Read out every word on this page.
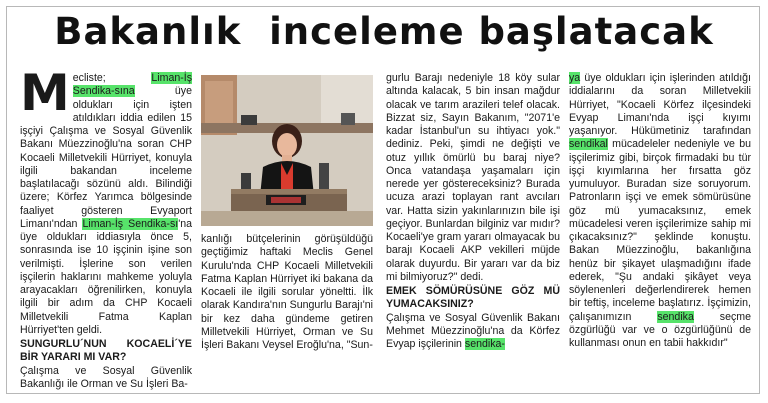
Bakanlık  inceleme başlatacak

Mecliste; Liman-İş Sendika-sına üye oldukları için işten atıldıkları iddia edilen 15 işçiyi Çalışma ve Sosyal Güvenlik Bakanı Müezzinoğlu'na soran CHP Kocaeli Milletvekili Hürriyet, konuyla ilgili bakandan inceleme başlatılacağı sözünü aldı. Bilindiği üzere; Körfez Yarımca bölgesinde faaliyet gösteren Evyaport Limanı'ndan Liman-İş Sendika-sı'na üye oldukları iddiasıyla önce 5, sonrasında ise 10 işçinin işine son verilmişti. İşlerine son verilen işçilerin haklarını mahkeme yoluyla arayacakları öğrenilirken, konuyla ilgili bir adım da CHP Kocaeli Milletvekili Fatma Kaplan Hürriyet'ten geldi.
SUNGURLU´NUN KOCAELİ´YE BİR YARARI MI VAR?
Çalışma ve Sosyal Güvenlik Bakanlığı ile Orman ve Su İşleri Ba-

kanlığı bütçelerinin görüşüldüğü geçtiğimiz haftaki Meclis Genel Kurulu'nda CHP Kocaeli Milletvekili Fatma Kaplan Hürriyet iki bakana da Kocaeli ile ilgili sorular yöneltti. İlk olarak Kandıra'nın Sungurlu Barajı'ni bir kez daha gündeme getiren Milletvekili Hürriyet, Orman ve Su İşleri Bakanı Veysel Eroğlu'na, "Sun-

gurlu Barajı nedeniyle 18 köy sular altında kalacak, 5 bin insan mağdur olacak ve tarım arazileri telef olacak. Bizzat siz, Sayın Bakanım, "2071'e kadar İstanbul'un su ihtiyacı yok." dediniz. Peki, şimdi ne değişti ve otuz yıllık ömürlü bu baraj niye? Onca vatandaşa yaşamaları için nerede yer göstereceksiniz? Burada ucuza arazi toplayan rant avcıları var. Hatta sizin yakınlarınızın bile işi geçiyor. Bunlardan bilginiz var mıdır? Kocaeli'ye gram yararı olmayacak bu barajı Kocaeli AKP vekilleri müjde olarak duyurdu. Bir yararı var da biz mi bilmiyoruz?" dedi.
EMEK SÖMÜRÜSÜNE GÖZ MÜ YUMACAKSINIZ?
Çalışma ve Sosyal Güvenlik Bakanı Mehmet Müezzinoğlu'na da Körfez Evyap işçilerinin sendika-

ya üye oldukları için işlerinden atıldığı iddialarını da soran Milletvekili Hürriyet, "Kocaeli Körfez ilçesindeki Evyap Limanı'nda işçi kıyımı yaşanıyor. Hükümetiniz tarafından sendikal mücadeleler nedeniyle ve bu işçilerimiz gibi, birçok firmadaki bu tür işçi kıyımlarına her fırsatta göz yumuluyor. Buradan size soruyorum. Patronların işçi ve emek sömürüsüne göz mü yumacaksınız, emek mücadelesi veren işçilerimize sahip mi çıkacaksınız?" şeklinde konuştu. Bakan Müezzinoğlu, bakanlığına henüz bir şikayet ulaşmadığını ifade ederek, "Şu andaki şikâyet veya söylenenleri değerlendirerek hemen bir teftiş, inceleme başlatırız. İşçimizin, çalışanımızın sendika seçme özgürlüğü var ve o özgürlüğünü de kullanması onun en tabii hakkıdır"
